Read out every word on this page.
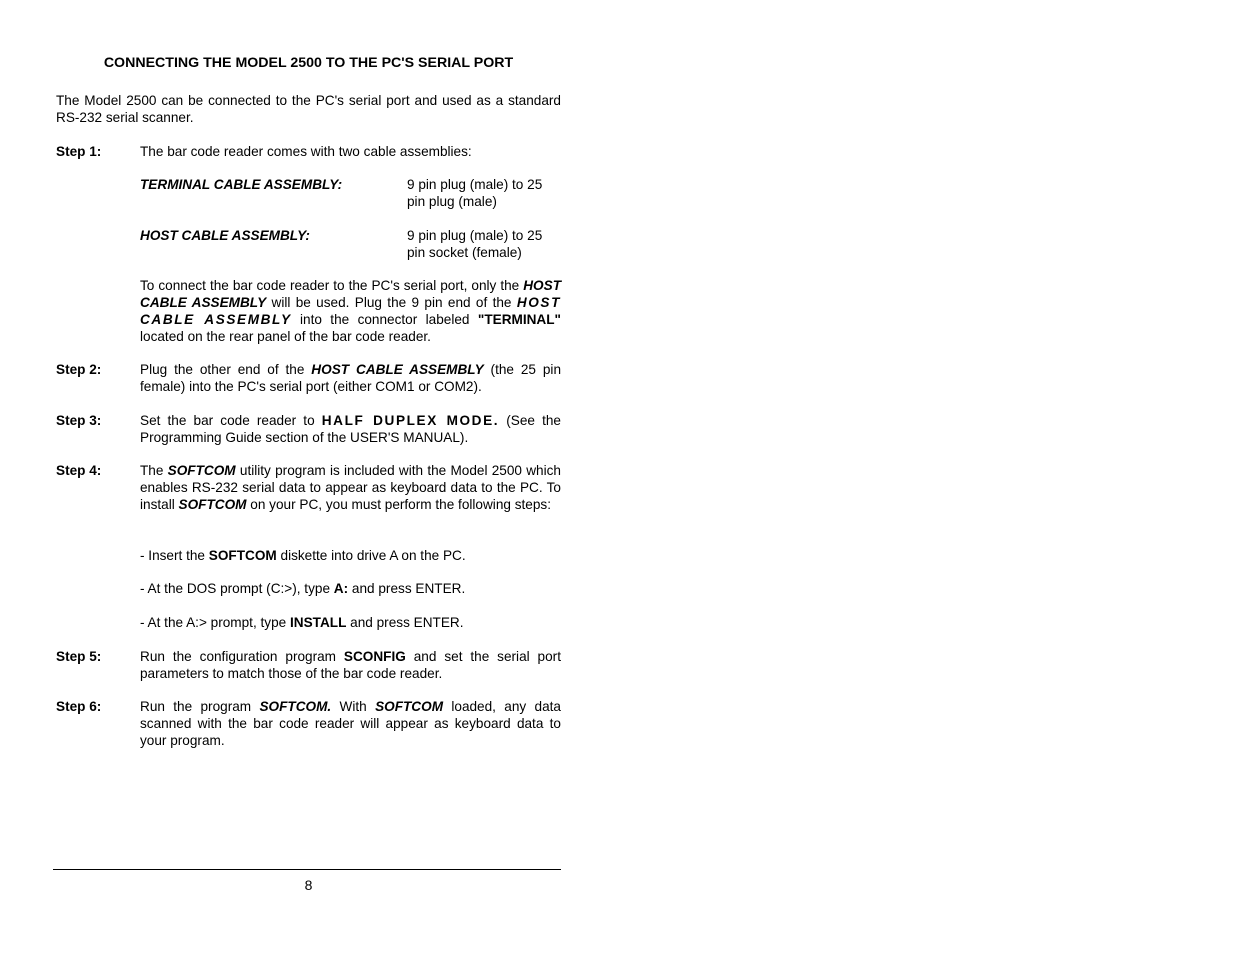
CONNECTING THE MODEL 2500 TO THE PC'S SERIAL PORT
The Model 2500 can be connected to the PC's serial port and used as a standard RS-232 serial scanner.
Step 1:	The bar code reader comes with two cable assemblies:
TERMINAL CABLE ASSEMBLY:	9 pin plug (male) to 25
pin plug (male)
HOST CABLE ASSEMBLY:	9 pin plug (male) to 25
pin socket (female)
To connect the bar code reader to the PC's serial port, only the HOST CABLE ASSEMBLY will be used. Plug the 9 pin end of the HOST CABLE ASSEMBLY into the connector labeled "TERMINAL" located on the rear panel of the bar code reader.
Step 2:	Plug the other end of the HOST CABLE ASSEMBLY (the 25 pin female) into the PC's serial port (either COM1 or COM2).
Step 3:	Set the bar code reader to HALF DUPLEX MODE. (See the Programming Guide section of the USER'S MANUAL).
Step 4:	The SOFTCOM utility program is included with the Model 2500 which enables RS-232 serial data to appear as keyboard data to the PC. To install SOFTCOM on your PC, you must perform the following steps:
- Insert the SOFTCOM diskette into drive A on the PC.
- At the DOS prompt (C:>), type A: and press ENTER.
- At the A:> prompt, type INSTALL and press ENTER.
Step 5:	Run the configuration program SCONFIG and set the serial port parameters to match those of the bar code reader.
Step 6:	Run the program SOFTCOM. With SOFTCOM loaded, any data scanned with the bar code reader will appear as keyboard data to your program.
8
